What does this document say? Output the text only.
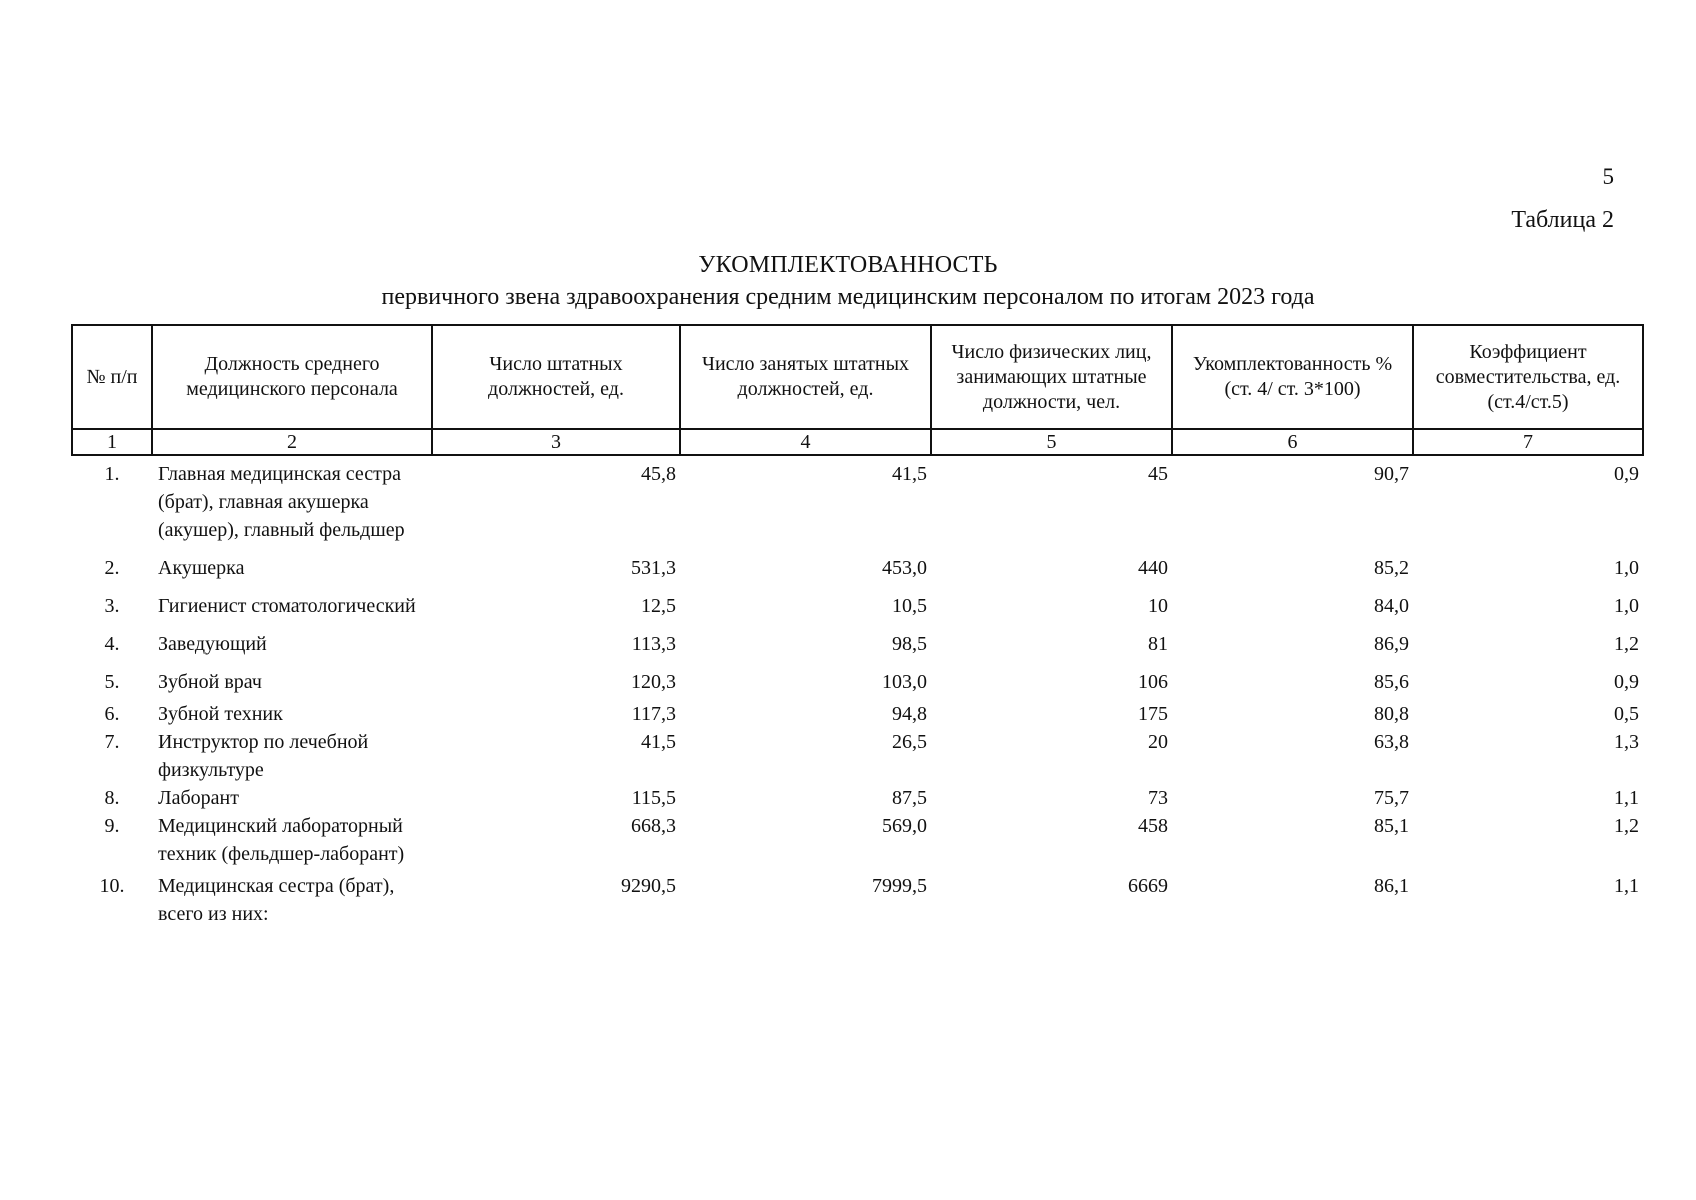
5
Таблица 2
УКОМПЛЕКТОВАННОСТЬ
первичного звена здравоохранения средним медицинским персоналом по итогам 2023 года
№ п/п	Должность среднего медицинского персонала	Число штатных должностей, ед.	Число занятых штатных должностей, ед.	Число физических лиц, занимающих штатные должности, чел.	Укомплектованность % (ст. 4/ ст. 3*100)	Коэффициент совместительства, ед. (ст.4/ст.5)
1	2	3	4	5	6	7
1.	Главная медицинская сестра (брат), главная акушерка (акушер), главный фельдшер	45,8	41,5	45	90,7	0,9
2.	Акушерка	531,3	453,0	440	85,2	1,0
3.	Гигиенист стоматологический	12,5	10,5	10	84,0	1,0
4.	Заведующий	113,3	98,5	81	86,9	1,2
5.	Зубной врач	120,3	103,0	106	85,6	0,9
6.	Зубной техник	117,3	94,8	175	80,8	0,5
7.	Инструктор по лечебной физкультуре	41,5	26,5	20	63,8	1,3
8.	Лаборант	115,5	87,5	73	75,7	1,1
9.	Медицинский лабораторный техник (фельдшер-лаборант)	668,3	569,0	458	85,1	1,2
10.	Медицинская сестра (брат), всего из них:	9290,5	7999,5	6669	86,1	1,1
